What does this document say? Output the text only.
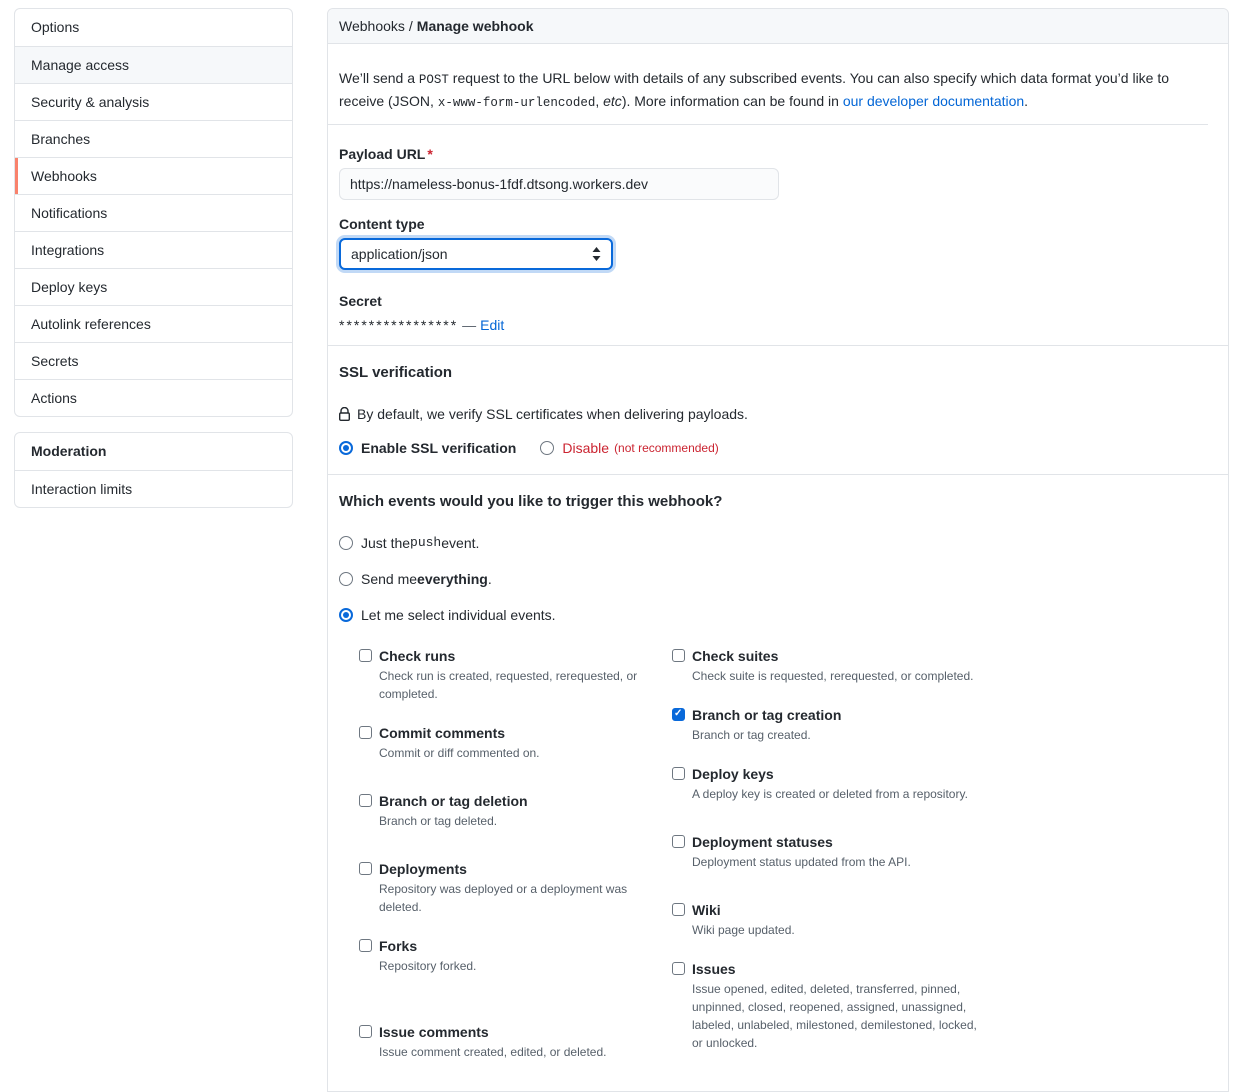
Options
Manage access
Security & analysis
Branches
Webhooks
Notifications
Integrations
Deploy keys
Autolink references
Secrets
Actions
Moderation
Interaction limits
Webhooks / Manage webhook

We’ll send a POST request to the URL below with details of any subscribed events. You can also specify which data format you’d like to receive (JSON, x-www-form-urlencoded, etc). More information can be found in our developer documentation.

Payload URL *
https://nameless-bonus-1fdf.dtsong.workers.dev
Content type
application/json
Secret
**************** — Edit
SSL verification
By default, we verify SSL certificates when delivering payloads.
Enable SSL verification	Disable (not recommended)
Which events would you like to trigger this webhook?
Just the push event.
Send me everything .
Let me select individual events.
Check runs
Check run is created, requested, rerequested, or completed.
Commit comments
Commit or diff commented on.
Branch or tag deletion
Branch or tag deleted.
Deployments
Repository was deployed or a deployment was deleted.
Forks
Repository forked.
Issue comments
Issue comment created, edited, or deleted.
Check suites
Check suite is requested, rerequested, or completed.
✓
Branch or tag creation
Branch or tag created.
Deploy keys
A deploy key is created or deleted from a repository.
Deployment statuses
Deployment status updated from the API.
Wiki
Wiki page updated.
Issues
Issue opened, edited, deleted, transferred, pinned, unpinned, closed, reopened, assigned, unassigned, labeled, unlabeled, milestoned, demilestoned, locked, or unlocked.
